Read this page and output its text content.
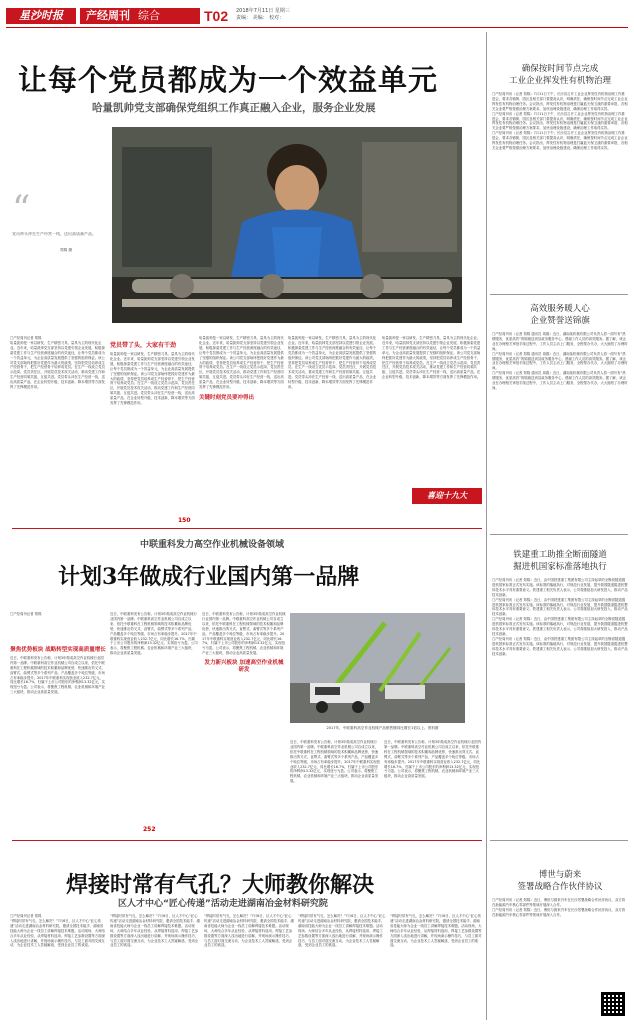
星沙时报	产经周刊 综合	T02 2018年7月11日 星期三
责编： 美编： 校对：
让每个党员都成为一个效益单元
哈量凯帅党支部确保党组织工作真正融入企业，服务企业发展
“
党员带头冲在生产经营一线，送出高质量产品。
郑锦 摄
□产经周刊记者 郑锦
哈量凯帅是一家以研发、生产精密刀具、量具为主的现代化企业。近年来，哈量凯帅党支部坚持以党建引领企业发展，积极探索党建工作与生产经营深度融合的有效途径，让每个党员都成为一个效益单元，为企业高质量发展提供了坚强的组织保证。该公司党支部始终把抓好党建作为最大的政绩，坚持把党员培养成生产经营骨干，把生产经营骨干培养成党员。在生产一线设立党员示范岗、党员责任区，开展党员技术攻关活动，推动党建工作和生产经营同频共振、互促共进。党员带头冲在生产经营一线，送出高质量产品，在企业转型升级、技术创新、降本增效等方面发挥了先锋模范作用。
党员带了头，大家有干劲
哈量凯帅是一家以研发、生产精密刀具、量具为主的现代化企业。近年来，哈量凯帅党支部坚持以党建引领企业发展，积极探索党建工作与生产经营深度融合的有效途径，让每个党员都成为一个效益单元，为企业高质量发展提供了坚强的组织保证。该公司党支部始终把抓好党建作为最大的政绩，坚持把党员培养成生产经营骨干，把生产经营骨干培养成党员。在生产一线设立党员示范岗、党员责任区，开展党员技术攻关活动，推动党建工作和生产经营同频共振、互促共进。党员带头冲在生产经营一线，送出高质量产品，在企业转型升级、技术创新、降本增效等方面发挥了先锋模范作用。
哈量凯帅是一家以研发、生产精密刀具、量具为主的现代化企业。近年来，哈量凯帅党支部坚持以党建引领企业发展，积极探索党建工作与生产经营深度融合的有效途径，让每个党员都成为一个效益单元，为企业高质量发展提供了坚强的组织保证。该公司党支部始终把抓好党建作为最大的政绩，坚持把党员培养成生产经营骨干，把生产经营骨干培养成党员。在生产一线设立党员示范岗、党员责任区，开展党员技术攻关活动，推动党建工作和生产经营同频共振、互促共进。党员带头冲在生产经营一线，送出高质量产品，在企业转型升级、技术创新、降本增效等方面发挥了先锋模范作用。
关键时刻党员要冲得出
哈量凯帅是一家以研发、生产精密刀具、量具为主的现代化企业。近年来，哈量凯帅党支部坚持以党建引领企业发展，积极探索党建工作与生产经营深度融合的有效途径，让每个党员都成为一个效益单元，为企业高质量发展提供了坚强的组织保证。该公司党支部始终把抓好党建作为最大的政绩，坚持把党员培养成生产经营骨干，把生产经营骨干培养成党员。在生产一线设立党员示范岗、党员责任区，开展党员技术攻关活动，推动党建工作和生产经营同频共振、互促共进。党员带头冲在生产经营一线，送出高质量产品，在企业转型升级、技术创新、降本增效等方面发挥了先锋模范作用。
哈量凯帅是一家以研发、生产精密刀具、量具为主的现代化企业。近年来，哈量凯帅党支部坚持以党建引领企业发展，积极探索党建工作与生产经营深度融合的有效途径，让每个党员都成为一个效益单元，为企业高质量发展提供了坚强的组织保证。该公司党支部始终把抓好党建作为最大的政绩，坚持把党员培养成生产经营骨干，把生产经营骨干培养成党员。在生产一线设立党员示范岗、党员责任区，开展党员技术攻关活动，推动党建工作和生产经营同频共振、互促共进。党员带头冲在生产经营一线，送出高质量产品，在企业转型升级、技术创新、降本增效等方面发挥了先锋模范作用。
喜迎十九大
150
中联重科发力高空作业机械设备领域
计划3年做成行业国内第一品牌
□产经周刊记者 郑锦
聚焦优势板块 战略转型实现高质量增长
近日，中联重科发布公告称，计划3年做成高空作业机械行业国内第一品牌。中联重科高空作业机械公司自成立以来，依托中联重科在工程机械领域的技术积累和品牌优势，快速推出剪叉式、直臂式、曲臂式等多个系列产品，产品覆盖多个吨位等级，市场占有率稳步提升。2017年中联重科实现营业收入232.7亿元，同比增长16.7%，归属于上市公司股东的净利润13.32亿元，实现扭亏为盈。公司表示，将聚焦工程机械、农业机械和环境产业三大板块，推动企业高质量发展。
近日，中联重科发布公告称，计划3年做成高空作业机械行业国内第一品牌。中联重科高空作业机械公司自成立以来，依托中联重科在工程机械领域的技术积累和品牌优势，快速推出剪叉式、直臂式、曲臂式等多个系列产品，产品覆盖多个吨位等级，市场占有率稳步提升。2017年中联重科实现营业收入232.7亿元，同比增长16.7%，归属于上市公司股东的净利润13.32亿元，实现扭亏为盈。公司表示，将聚焦工程机械、农业机械和环境产业三大板块，推动企业高质量发展。
近日，中联重科发布公告称，计划3年做成高空作业机械行业国内第一品牌。中联重科高空作业机械公司自成立以来，依托中联重科在工程机械领域的技术积累和品牌优势，快速推出剪叉式、直臂式、曲臂式等多个系列产品，产品覆盖多个吨位等级，市场占有率稳步提升。2017年中联重科实现营业收入232.7亿元，同比增长16.7%，归属于上市公司股东的净利润13.32亿元，实现扭亏为盈。公司表示，将聚焦工程机械、农业机械和环境产业三大板块，推动企业高质量发展。
发力新兴板块 加速高空作业机械研发
2017年，中联重科高空作业机械产品销售额同比增长1倍以上。资料图
近日，中联重科发布公告称，计划3年做成高空作业机械行业国内第一品牌。中联重科高空作业机械公司自成立以来，依托中联重科在工程机械领域的技术积累和品牌优势，快速推出剪叉式、直臂式、曲臂式等多个系列产品，产品覆盖多个吨位等级，市场占有率稳步提升。2017年中联重科实现营业收入232.7亿元，同比增长16.7%，归属于上市公司股东的净利润13.32亿元，实现扭亏为盈。公司表示，将聚焦工程机械、农业机械和环境产业三大板块，推动企业高质量发展。
近日，中联重科发布公告称，计划3年做成高空作业机械行业国内第一品牌。中联重科高空作业机械公司自成立以来，依托中联重科在工程机械领域的技术积累和品牌优势，快速推出剪叉式、直臂式、曲臂式等多个系列产品，产品覆盖多个吨位等级，市场占有率稳步提升。2017年中联重科实现营业收入232.7亿元，同比增长16.7%，归属于上市公司股东的净利润13.32亿元，实现扭亏为盈。公司表示，将聚焦工程机械、农业机械和环境产业三大板块，推动企业高质量发展。
252
焊接时常有气孔？大师教你解决
区人才中心“匠心传递”活动走进湖南冶金材料研究院
□产经周刊记者 郑锦
“焊接时常有气孔，怎么解决？”7月6日，区人才中心“匠心传递”活动走进湖南冶金材料研究院，邀请全国技术能手、湖南省技能大师为企业一线员工讲解焊接技术难题。活动现场，大师结合多年从业经验，从焊接材料选用、焊接工艺参数设置等方面深入浅出地进行讲解，并现场演示操作技巧，与员工面对面交流互动，为企业技术工人答疑解惑，受到企业员工的欢迎。
“焊接时常有气孔，怎么解决？”7月6日，区人才中心“匠心传递”活动走进湖南冶金材料研究院，邀请全国技术能手、湖南省技能大师为企业一线员工讲解焊接技术难题。活动现场，大师结合多年从业经验，从焊接材料选用、焊接工艺参数设置等方面深入浅出地进行讲解，并现场演示操作技巧，与员工面对面交流互动，为企业技术工人答疑解惑，受到企业员工的欢迎。
“焊接时常有气孔，怎么解决？”7月6日，区人才中心“匠心传递”活动走进湖南冶金材料研究院，邀请全国技术能手、湖南省技能大师为企业一线员工讲解焊接技术难题。活动现场，大师结合多年从业经验，从焊接材料选用、焊接工艺参数设置等方面深入浅出地进行讲解，并现场演示操作技巧，与员工面对面交流互动，为企业技术工人答疑解惑，受到企业员工的欢迎。
“焊接时常有气孔，怎么解决？”7月6日，区人才中心“匠心传递”活动走进湖南冶金材料研究院，邀请全国技术能手、湖南省技能大师为企业一线员工讲解焊接技术难题。活动现场，大师结合多年从业经验，从焊接材料选用、焊接工艺参数设置等方面深入浅出地进行讲解，并现场演示操作技巧，与员工面对面交流互动，为企业技术工人答疑解惑，受到企业员工的欢迎。
“焊接时常有气孔，怎么解决？”7月6日，区人才中心“匠心传递”活动走进湖南冶金材料研究院，邀请全国技术能手、湖南省技能大师为企业一线员工讲解焊接技术难题。活动现场，大师结合多年从业经验，从焊接材料选用、焊接工艺参数设置等方面深入浅出地进行讲解，并现场演示操作技巧，与员工面对面交流互动，为企业技术工人答疑解惑，受到企业员工的欢迎。
确保按时间节点完成
工业企业挥发性有机物治理
□产经周刊讯（记者 郑锦）7月11日下午，长沙县召开工业企业挥发性有机物治理工作推进会，要求各镇街、园区及相关部门要提高认识，明确责任，确保按时间节点完成工业企业挥发性有机物治理任务。会议指出，挥发性有机物治理是打赢蓝天保卫战的重要举措，各相关企业要严格按照治理方案要求，加快治理设施建设，确保治理工作取得实效。
□产经周刊讯（记者 郑锦）7月11日下午，长沙县召开工业企业挥发性有机物治理工作推进会，要求各镇街、园区及相关部门要提高认识，明确责任，确保按时间节点完成工业企业挥发性有机物治理任务。会议指出，挥发性有机物治理是打赢蓝天保卫战的重要举措，各相关企业要严格按照治理方案要求，加快治理设施建设，确保治理工作取得实效。
□产经周刊讯（记者 郑锦）7月11日下午，长沙县召开工业企业挥发性有机物治理工作推进会，要求各镇街、园区及相关部门要提高认识，明确责任，确保按时间节点完成工业企业挥发性有机物治理任务。会议指出，挥发性有机物治理是打赢蓝天保卫战的重要举措，各相关企业要严格按照治理方案要求，加快治理设施建设，确保治理工作取得实效。
高效服务暖人心
企业赞誉送锦旗
□产经周刊讯（记者 郑锦 通讯员 周娟）近日，湖南某机械有限公司负责人将一面写有“热情服务，优质高效”的锦旗送到县政务服务中心，感谢工作人员的高效服务。据了解，该企业在办理相关审批手续过程中，工作人员主动上门服务，全程帮办代办，大大缩短了办理时间。
□产经周刊讯（记者 郑锦 通讯员 周娟）近日，湖南某机械有限公司负责人将一面写有“热情服务，优质高效”的锦旗送到县政务服务中心，感谢工作人员的高效服务。据了解，该企业在办理相关审批手续过程中，工作人员主动上门服务，全程帮办代办，大大缩短了办理时间。
□产经周刊讯（记者 郑锦 通讯员 周娟）近日，湖南某机械有限公司负责人将一面写有“热情服务，优质高效”的锦旗送到县政务服务中心，感谢工作人员的高效服务。据了解，该企业在办理相关审批手续过程中，工作人员主动上门服务，全程帮办代办，大大缩短了办理时间。
铁建重工助推全断面隧道
掘进机国家标准落地执行
□产经周刊讯（记者 郑锦）近日，由中国铁建重工集团有限公司主持起草的全断面隧道掘进机国家标准正式发布实施。该标准的落地执行，对规范行业发展，提升我国隧道掘进机整体技术水平具有重要意义。铁建重工相关负责人表示，公司将继续加大研发投入，推动产品技术创新。
□产经周刊讯（记者 郑锦）近日，由中国铁建重工集团有限公司主持起草的全断面隧道掘进机国家标准正式发布实施。该标准的落地执行，对规范行业发展，提升我国隧道掘进机整体技术水平具有重要意义。铁建重工相关负责人表示，公司将继续加大研发投入，推动产品技术创新。
□产经周刊讯（记者 郑锦）近日，由中国铁建重工集团有限公司主持起草的全断面隧道掘进机国家标准正式发布实施。该标准的落地执行，对规范行业发展，提升我国隧道掘进机整体技术水平具有重要意义。铁建重工相关负责人表示，公司将继续加大研发投入，推动产品技术创新。
□产经周刊讯（记者 郑锦）近日，由中国铁建重工集团有限公司主持起草的全断面隧道掘进机国家标准正式发布实施。该标准的落地执行，对规范行业发展，提升我国隧道掘进机整体技术水平具有重要意义。铁建重工相关负责人表示，公司将继续加大研发投入，推动产品技术创新。
博世与蔚来
签署战略合作伙伴协议
□产经周刊讯（记者 郑锦）近日，博世与蔚来汽车在长沙签署战略合作伙伴协议，双方将在新能源汽车核心零部件等领域开展深入合作。
□产经周刊讯（记者 郑锦）近日，博世与蔚来汽车在长沙签署战略合作伙伴协议，双方将在新能源汽车核心零部件等领域开展深入合作。
